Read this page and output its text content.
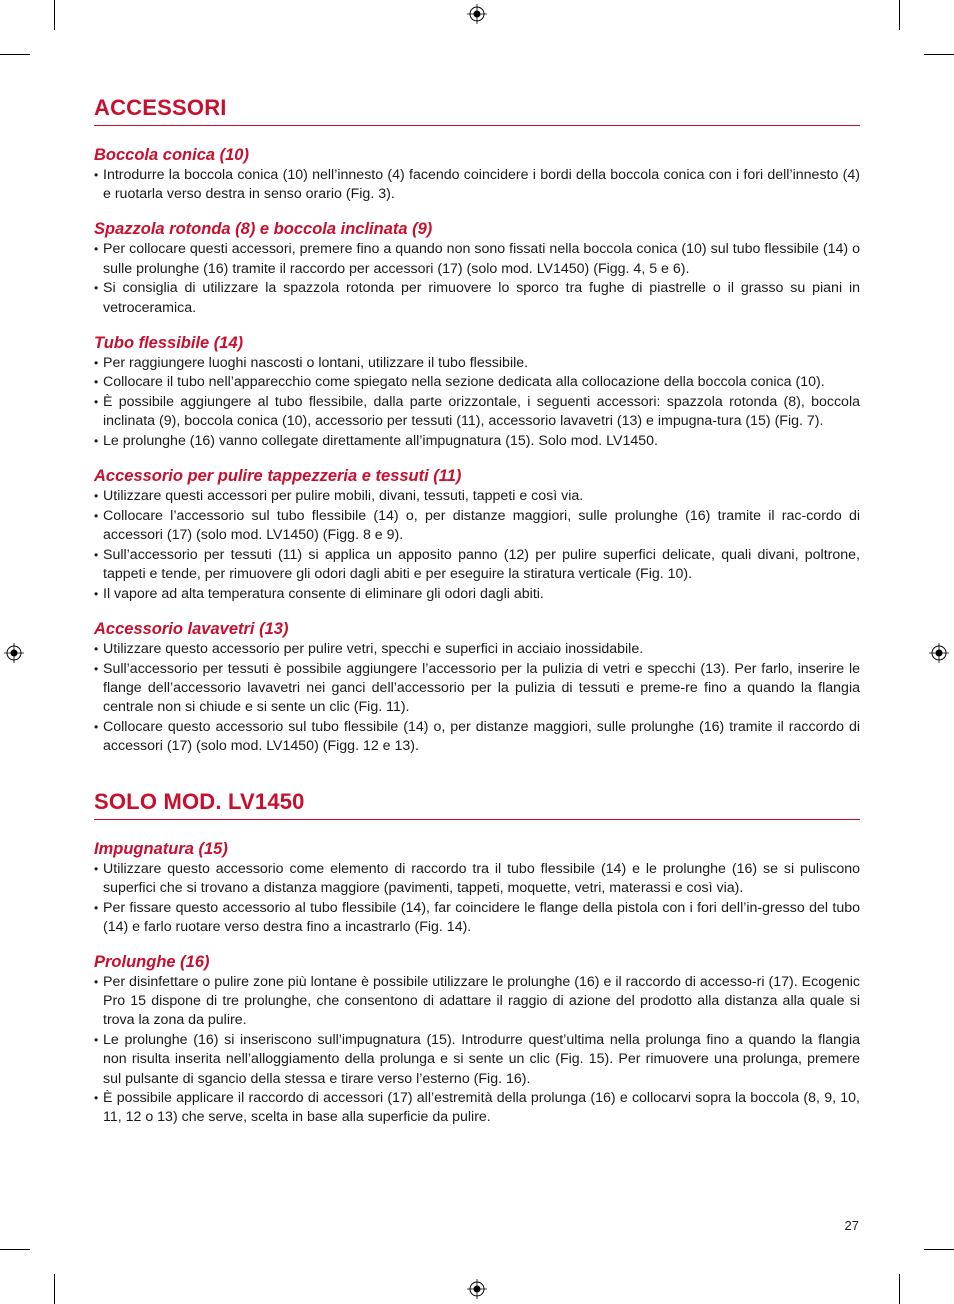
ACCESSORI
Boccola conica (10)
• Introdurre la boccola conica (10) nell’innesto (4) facendo coincidere i bordi della boccola conica con i fori dell’innesto (4) e ruotarla verso destra in senso orario (Fig. 3).
Spazzola rotonda (8) e boccola inclinata (9)
• Per collocare questi accessori, premere fino a quando non sono fissati nella boccola conica (10) sul tubo flessibile (14) o sulle prolunghe (16) tramite il raccordo per accessori (17) (solo mod. LV1450) (Figg. 4, 5 e 6).
• Si consiglia di utilizzare la spazzola rotonda per rimuovere lo sporco tra fughe di piastrelle o il grasso su piani in vetroceramica.
Tubo flessibile (14)
• Per raggiungere luoghi nascosti o lontani, utilizzare il tubo flessibile.
• Collocare il tubo nell’apparecchio come spiegato nella sezione dedicata alla collocazione della boccola conica (10).
• È possibile aggiungere al tubo flessibile, dalla parte orizzontale, i seguenti accessori: spazzola rotonda (8), boccola inclinata (9), boccola conica (10), accessorio per tessuti (11), accessorio lavavetri (13) e impugna-tura (15) (Fig. 7).
• Le prolunghe (16) vanno collegate direttamente all’impugnatura (15). Solo mod. LV1450.
Accessorio per pulire tappezzeria e tessuti (11)
• Utilizzare questi accessori per pulire mobili, divani, tessuti, tappeti e così via.
• Collocare l’accessorio sul tubo flessibile (14) o, per distanze maggiori, sulle prolunghe (16) tramite il rac-cordo di accessori (17) (solo mod. LV1450) (Figg. 8 e 9).
• Sull’accessorio per tessuti (11) si applica un apposito panno (12) per pulire superfici delicate, quali divani, poltrone, tappeti e tende, per rimuovere gli odori dagli abiti e per eseguire la stiratura verticale (Fig. 10).
• Il vapore ad alta temperatura consente di eliminare gli odori dagli abiti.
Accessorio lavavetri (13)
• Utilizzare questo accessorio per pulire vetri, specchi e superfici in acciaio inossidabile.
• Sull’accessorio per tessuti è possibile aggiungere l’accessorio per la pulizia di vetri e specchi (13). Per farlo, inserire le flange dell’accessorio lavavetri nei ganci dell’accessorio per la pulizia di tessuti e preme-re fino a quando la flangia centrale non si chiude e si sente un clic (Fig. 11).
• Collocare questo accessorio sul tubo flessibile (14) o, per distanze maggiori, sulle prolunghe (16) tramite il raccordo di accessori (17) (solo mod. LV1450) (Figg. 12 e 13).
SOLO MOD. LV1450
Impugnatura (15)
• Utilizzare questo accessorio come elemento di raccordo tra il tubo flessibile (14) e le prolunghe (16) se si puliscono superfici che si trovano a distanza maggiore (pavimenti, tappeti, moquette, vetri, materassi e così via).
• Per fissare questo accessorio al tubo flessibile (14), far coincidere le flange della pistola con i fori dell’in-gresso del tubo (14) e farlo ruotare verso destra fino a incastrarlo (Fig. 14).
Prolunghe (16)
• Per disinfettare o pulire zone più lontane è possibile utilizzare le prolunghe (16) e il raccordo di accesso-ri (17). Ecogenic Pro 15 dispone di tre prolunghe, che consentono di adattare il raggio di azione del prodotto alla distanza alla quale si trova la zona da pulire.
• Le prolunghe (16) si inseriscono sull’impugnatura (15). Introdurre quest’ultima nella prolunga fino a quando la flangia non risulta inserita nell’alloggiamento della prolunga e si sente un clic (Fig. 15). Per rimuovere una prolunga, premere sul pulsante di sgancio della stessa e tirare verso l’esterno (Fig. 16).
• È possibile applicare il raccordo di accessori (17) all’estremità della prolunga (16) e collocarvi sopra la boccola (8, 9, 10, 11, 12 o 13) che serve, scelta in base alla superficie da pulire.
27
